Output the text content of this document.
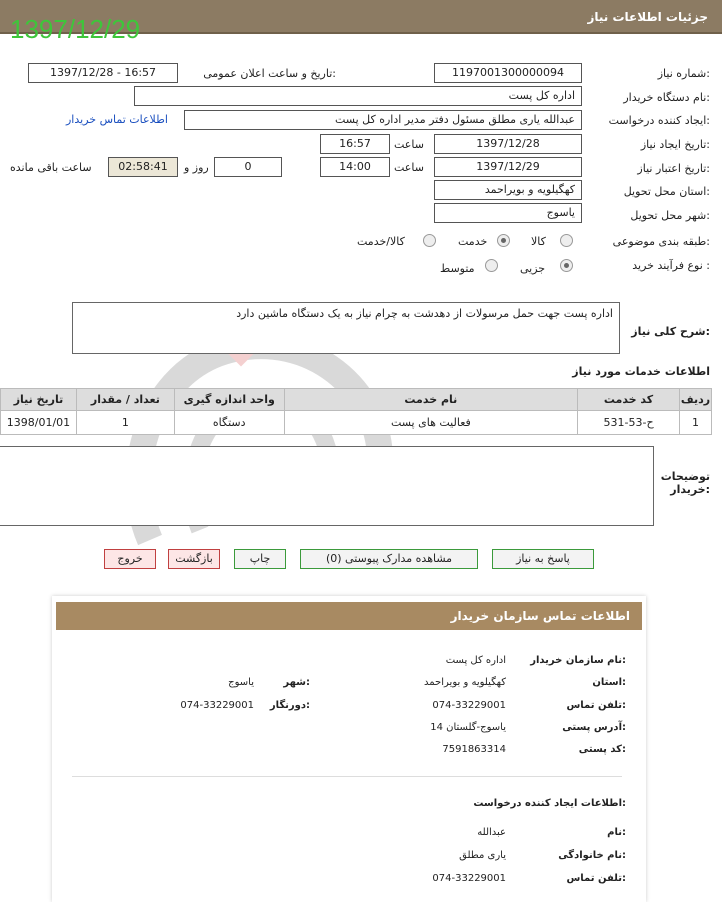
جزئیات اطلاعات نیاز
1397/12/29
شماره نیاز:
1197001300000094
تاریخ و ساعت اعلان عمومی:
1397/12/28 - 16:57
نام دستگاه خریدار:
اداره کل پست
ایجاد کننده درخواست:
عبدالله یاری مطلق مسئول دفتر مدیر اداره کل پست
اطلاعات تماس خریدار
تاریخ ایجاد نیاز:
1397/12/28
ساعت
16:57
تاریخ اعتبار نیاز:
1397/12/29
ساعت
14:00
0
روز و
02:58:41
ساعت باقی مانده
استان محل تحویل:
کهگیلویه و بویراحمد
شهر محل تحویل:
یاسوج
طبقه بندی موضوعی:
کالا
خدمت
کالا/خدمت
نوع فرآیند خرید :
جزیی
متوسط
شرح کلی نیاز:
اداره پست جهت حمل مرسولات از دهدشت به چرام نیاز به یک دستگاه ماشین دارد
اطلاعات خدمات مورد نیاز
تاریخ نیاز	تعداد / مقدار	واحد اندازه گیری	نام خدمت	کد خدمت	ردیف
1398/01/01	1	دستگاه	فعالیت های پست	ح-53-531	1
توضیحات خریدار:
پاسخ به نیاز
مشاهده مدارک پیوستی (0)
چاپ
بازگشت
خروج
اطلاعات تماس سازمان خریدار
نام سازمان خریدار:
اداره کل پست
استان:
کهگیلویه و بویراحمد
شهر:
یاسوج
تلفن تماس:
074-33229001
دورنگار:
074-33229001
آدرس پستی:
یاسوج-گلستان 14
کد پستی:
7591863314
اطلاعات ایجاد کننده درخواست:
نام:
عبدالله
نام خانوادگی:
یاری مطلق
تلفن تماس:
074-33229001
